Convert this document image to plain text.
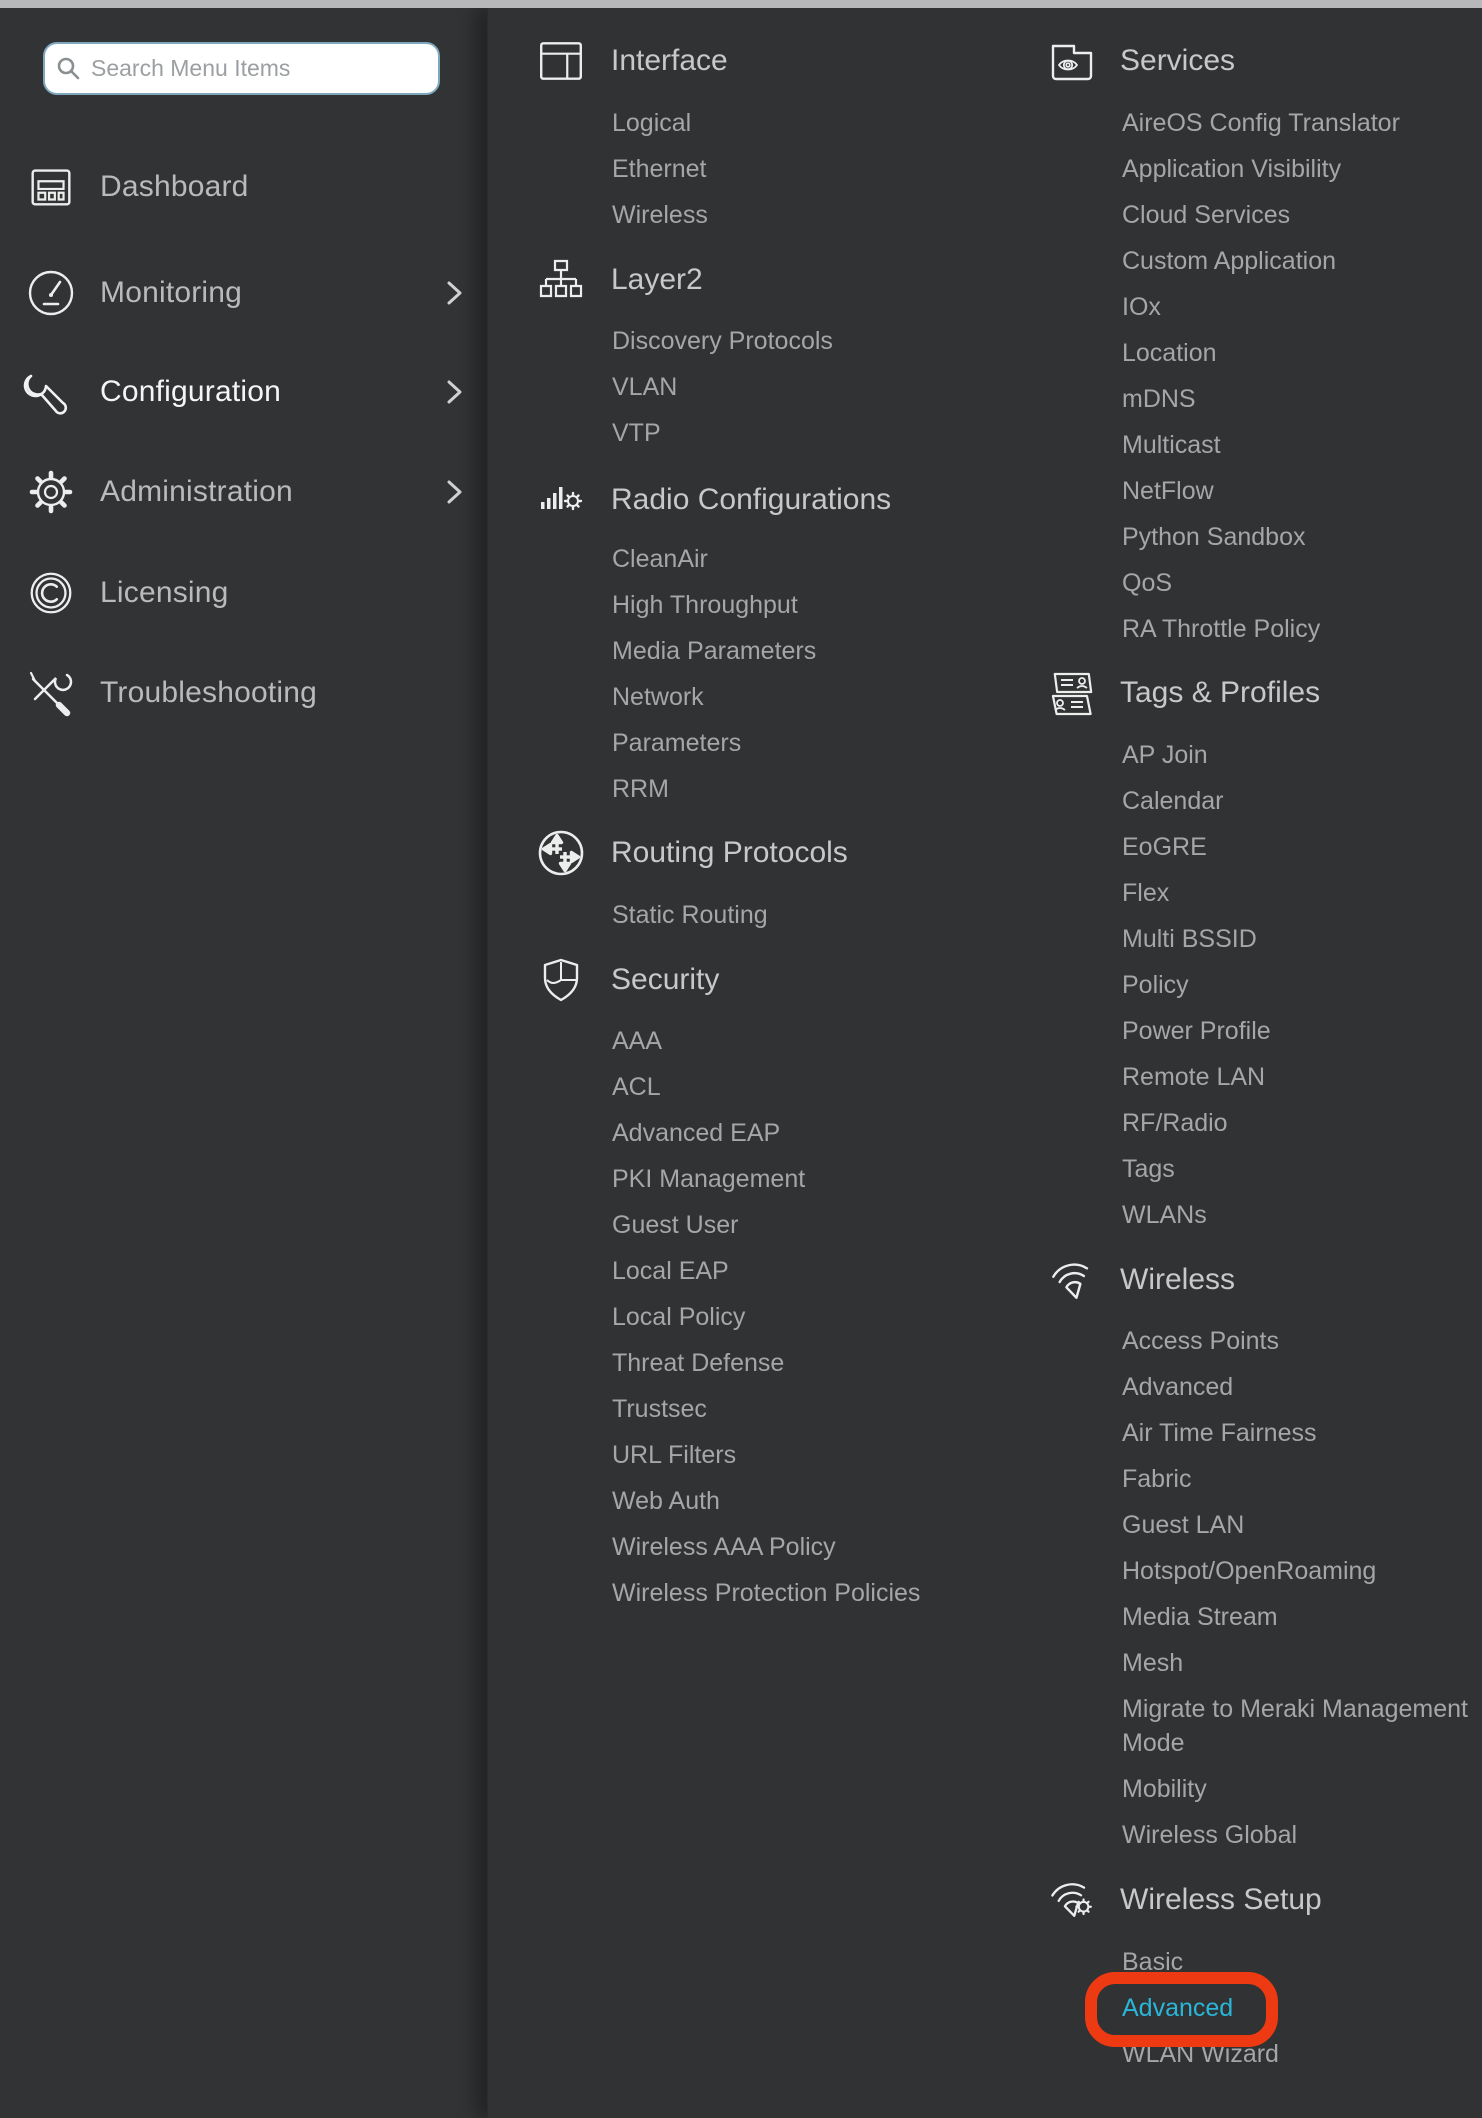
Search Menu Items
Dashboard
Monitoring
Configuration
Administration
Licensing
Troubleshooting
Interface
Logical
Ethernet
Wireless
Layer2
Discovery Protocols
VLAN
VTP
Radio Configurations
CleanAir
High Throughput
Media Parameters
Network
Parameters
RRM
Routing Protocols
Static Routing
Security
AAA
ACL
Advanced EAP
PKI Management
Guest User
Local EAP
Local Policy
Threat Defense
Trustsec
URL Filters
Web Auth
Wireless AAA Policy
Wireless Protection Policies
Services
AireOS Config Translator
Application Visibility
Cloud Services
Custom Application
IOx
Location
mDNS
Multicast
NetFlow
Python Sandbox
QoS
RA Throttle Policy
Tags & Profiles
AP Join
Calendar
EoGRE
Flex
Multi BSSID
Policy
Power Profile
Remote LAN
RF/Radio
Tags
WLANs
Wireless
Access Points
Advanced
Air Time Fairness
Fabric
Guest LAN
Hotspot/OpenRoaming
Media Stream
Mesh
Migrate to Meraki Management Mode
Mobility
Wireless Global
Wireless Setup
Basic
Advanced
WLAN Wizard
